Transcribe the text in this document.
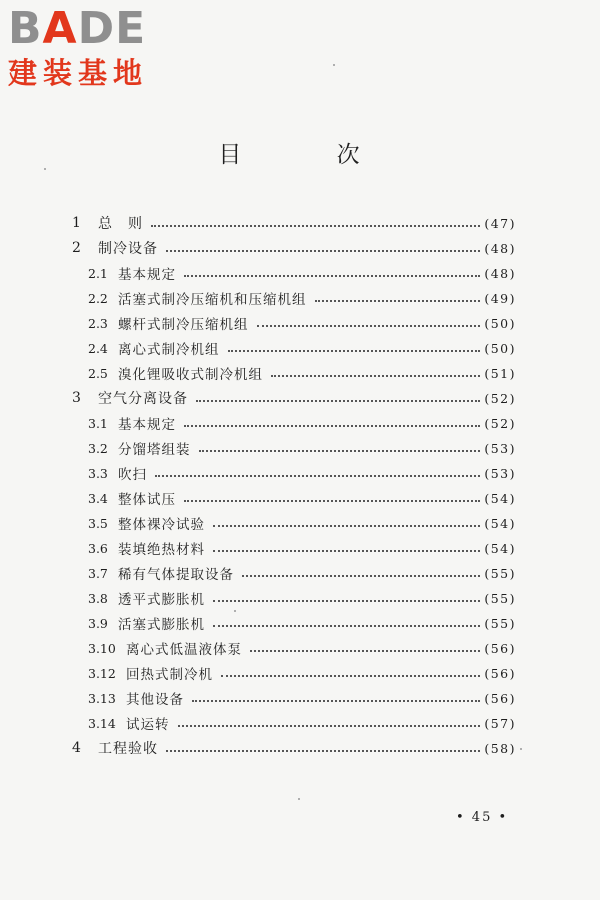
BADE
建装基地
目 次
1	总　则	(47)
2	制冷设备	(48)
2.1 基本规定	(48)
2.2 活塞式制冷压缩机和压缩机组	(49)
2.3 螺杆式制冷压缩机组	(50)
2.4 离心式制冷机组	(50)
2.5 溴化锂吸收式制冷机组	(51)
3	空气分离设备	(52)
3.1 基本规定	(52)
3.2 分馏塔组装	(53)
3.3 吹扫	(53)
3.4 整体试压	(54)
3.5 整体裸冷试验	(54)
3.6 装填绝热材料	(54)
3.7 稀有气体提取设备	(55)
3.8 透平式膨胀机	(55)
3.9 活塞式膨胀机	(55)
3.10 离心式低温液体泵	(56)
3.12 回热式制冷机	(56)
3.13 其他设备	(56)
3.14 试运转	(57)
4	工程验收	(58)
• 45 •
